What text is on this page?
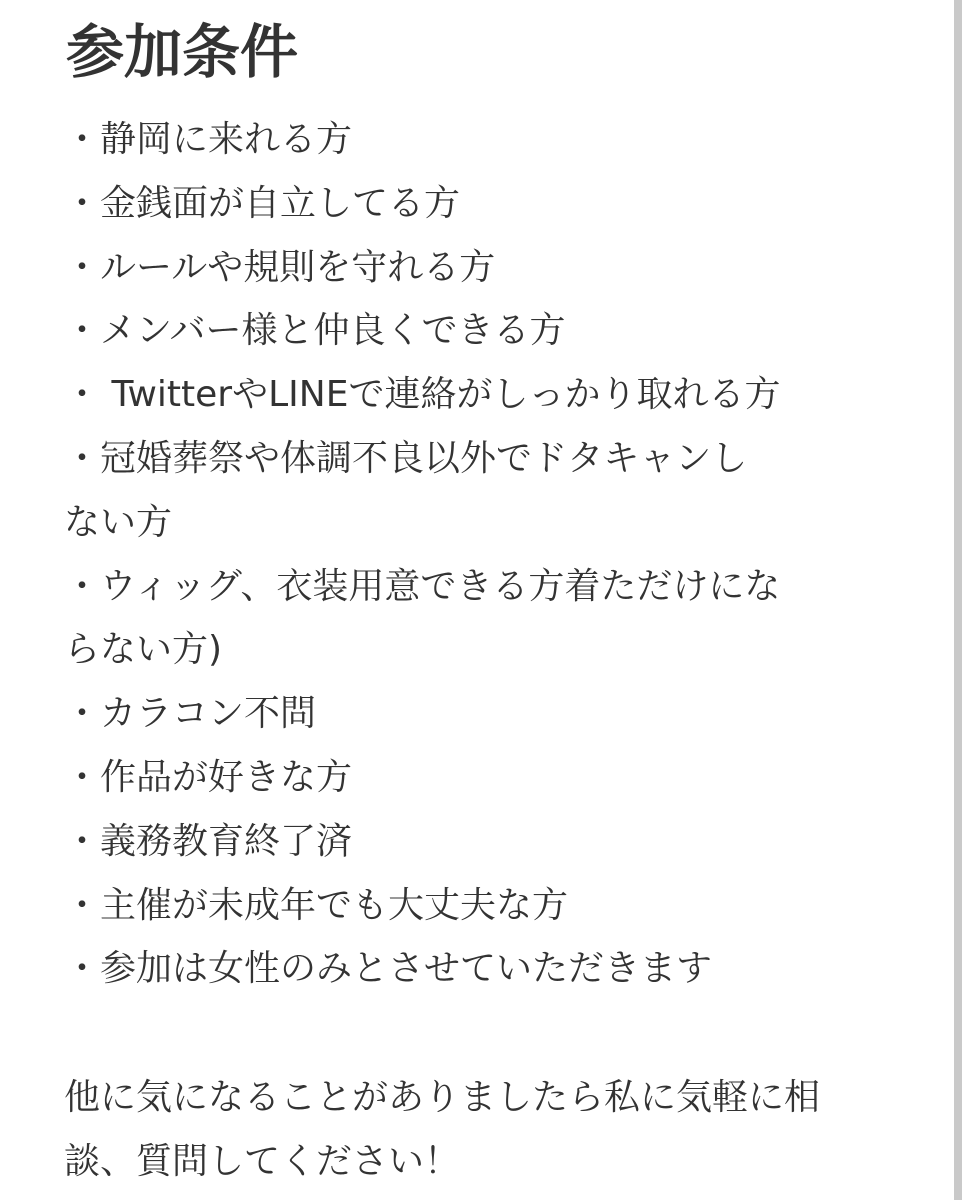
参加条件
・静岡に来れる方
・金銭面が自立してる方
・ルールや規則を守れる方
・メンバー様と仲良くできる方
・ TwitterやLINEで連絡がしっかり取れる方
・冠婚葬祭や体調不良以外でドタキャンし
ない方
・ウィッグ、衣装用意できる方着ただけにな
らない方)
・カラコン不問
・作品が好きな方
・義務教育終了済
・主催が未成年でも大丈夫な方
・参加は女性のみとさせていただきます
他に気になることがありましたら私に気軽に相
談、質問してください！
